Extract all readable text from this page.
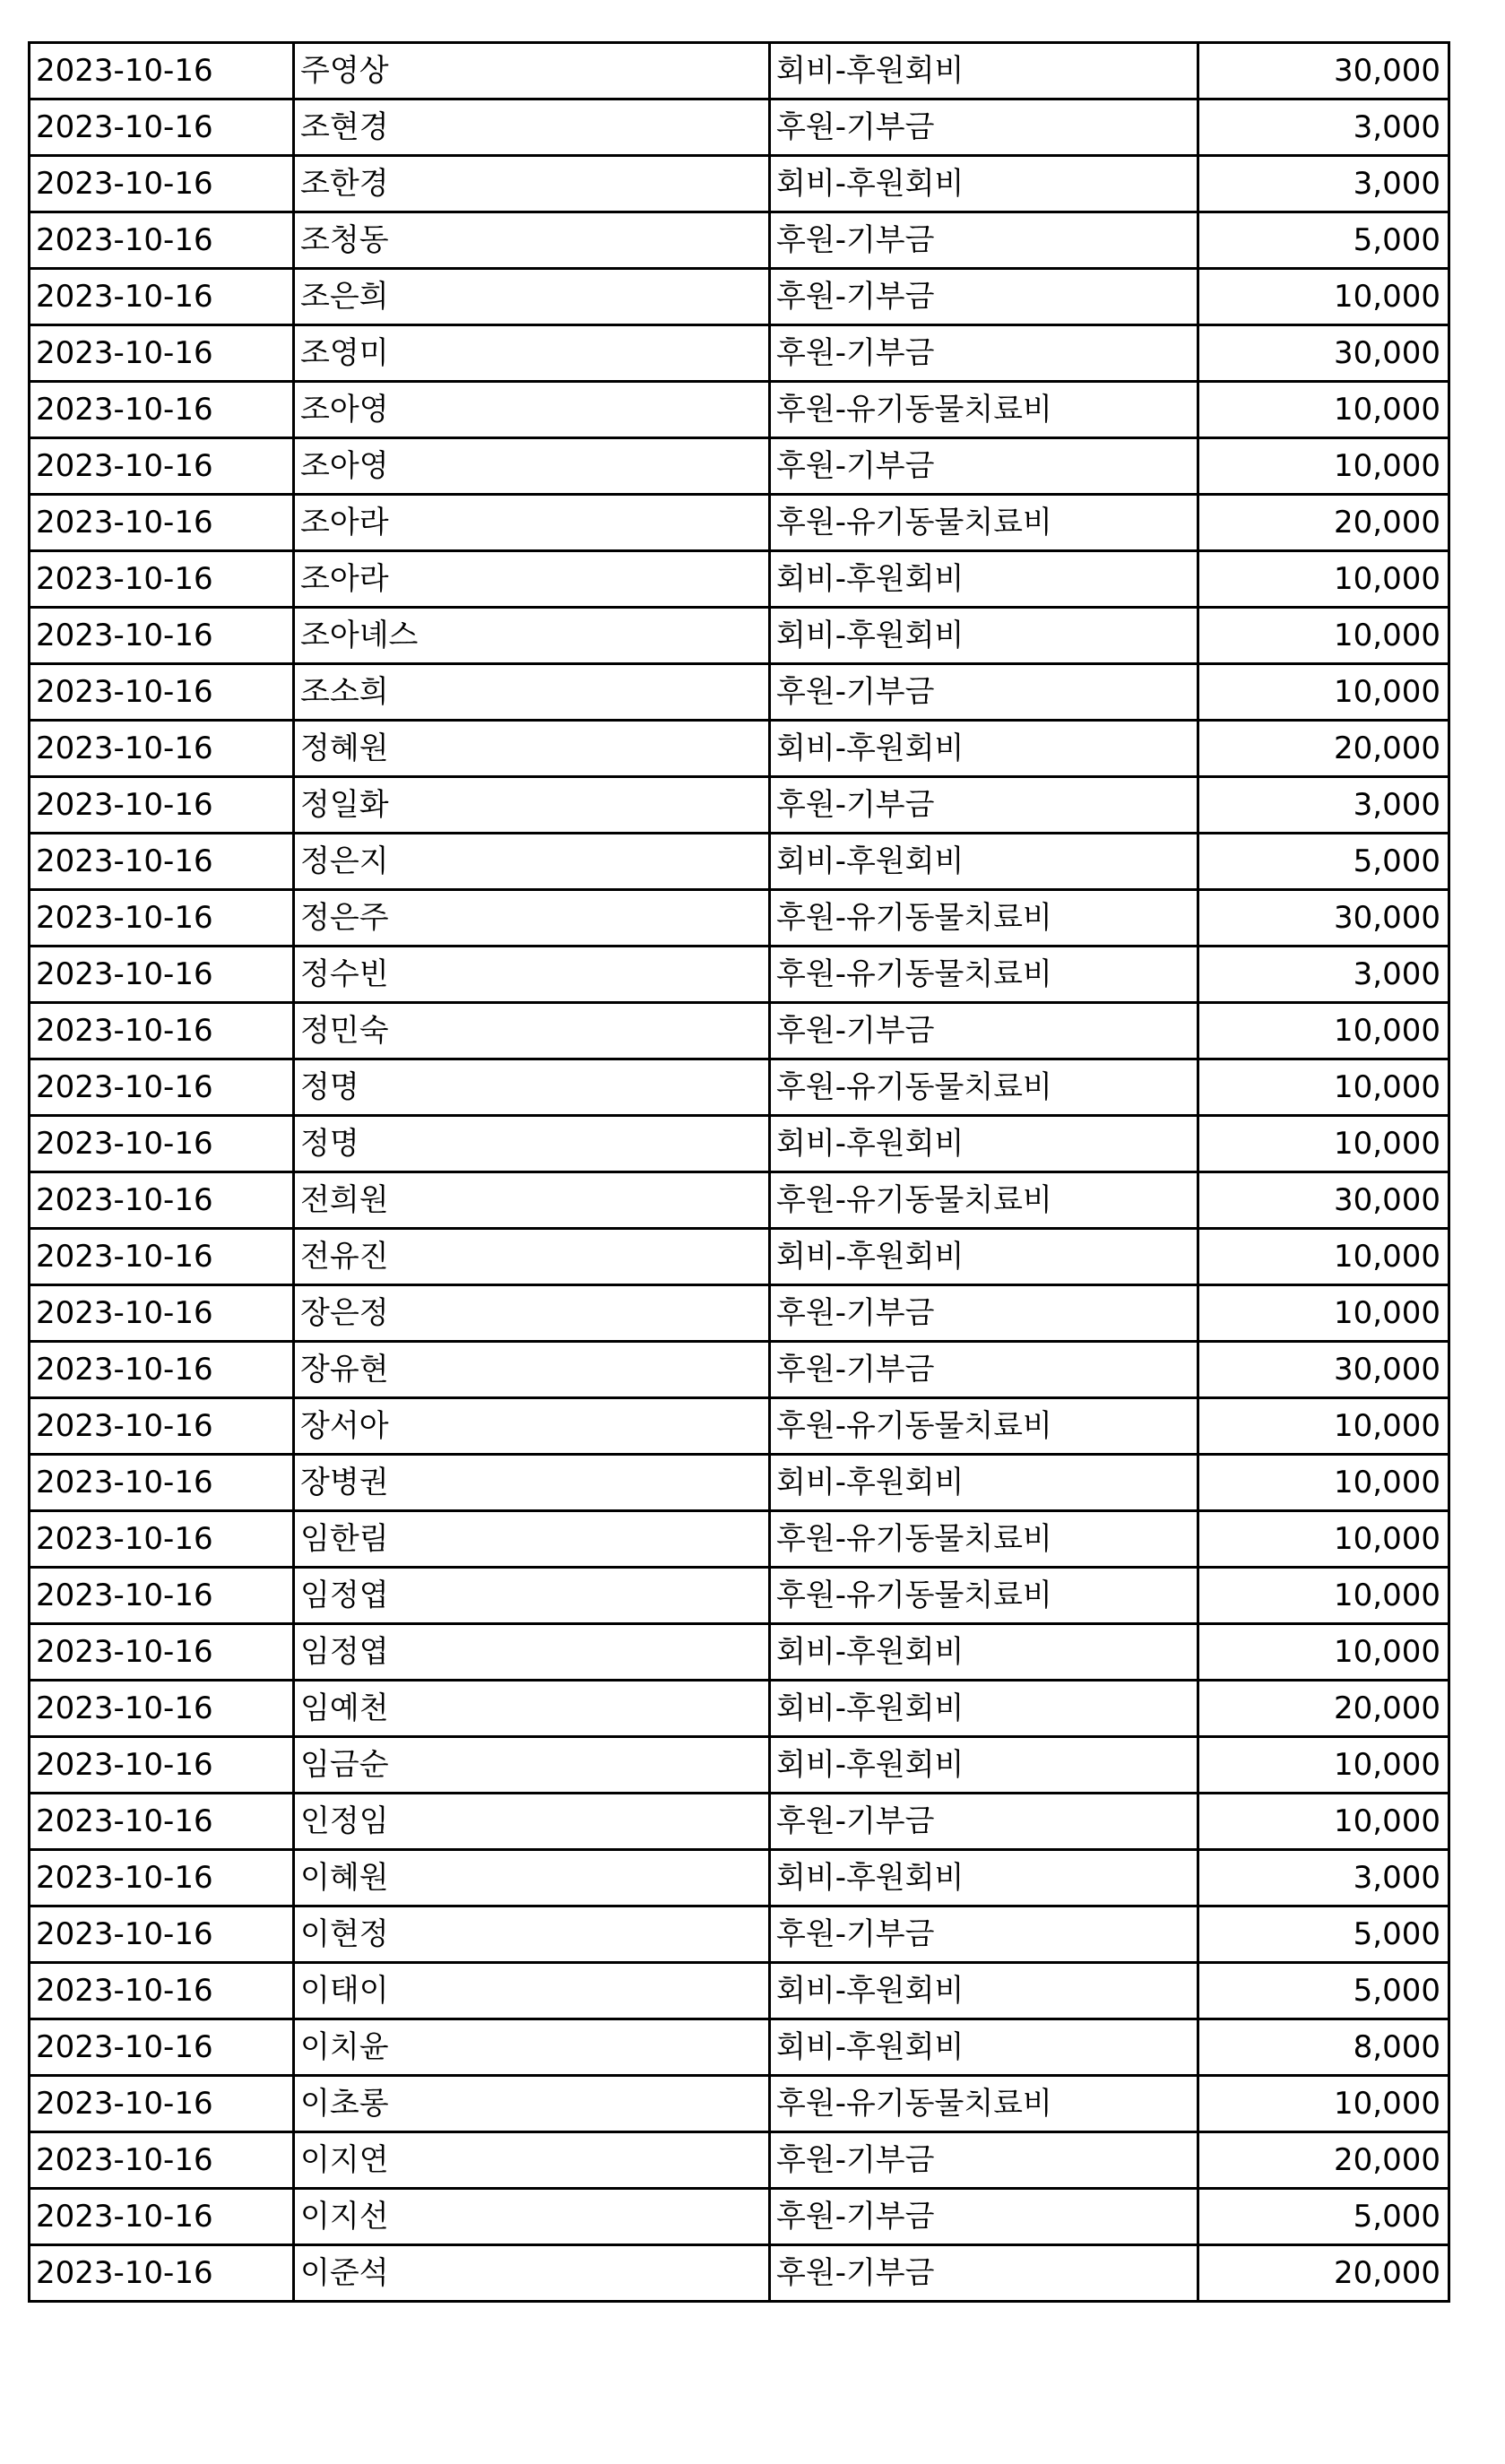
2023-10-16	주영상	회비-후원회비	30,000
2023-10-16	조현경	후원-기부금	3,000
2023-10-16	조한경	회비-후원회비	3,000
2023-10-16	조청동	후원-기부금	5,000
2023-10-16	조은희	후원-기부금	10,000
2023-10-16	조영미	후원-기부금	30,000
2023-10-16	조아영	후원-유기동물치료비	10,000
2023-10-16	조아영	후원-기부금	10,000
2023-10-16	조아라	후원-유기동물치료비	20,000
2023-10-16	조아라	회비-후원회비	10,000
2023-10-16	조아녜스	회비-후원회비	10,000
2023-10-16	조소희	후원-기부금	10,000
2023-10-16	정혜원	회비-후원회비	20,000
2023-10-16	정일화	후원-기부금	3,000
2023-10-16	정은지	회비-후원회비	5,000
2023-10-16	정은주	후원-유기동물치료비	30,000
2023-10-16	정수빈	후원-유기동물치료비	3,000
2023-10-16	정민숙	후원-기부금	10,000
2023-10-16	정명	후원-유기동물치료비	10,000
2023-10-16	정명	회비-후원회비	10,000
2023-10-16	전희원	후원-유기동물치료비	30,000
2023-10-16	전유진	회비-후원회비	10,000
2023-10-16	장은정	후원-기부금	10,000
2023-10-16	장유현	후원-기부금	30,000
2023-10-16	장서아	후원-유기동물치료비	10,000
2023-10-16	장병권	회비-후원회비	10,000
2023-10-16	임한림	후원-유기동물치료비	10,000
2023-10-16	임정엽	후원-유기동물치료비	10,000
2023-10-16	임정엽	회비-후원회비	10,000
2023-10-16	임예천	회비-후원회비	20,000
2023-10-16	임금순	회비-후원회비	10,000
2023-10-16	인정임	후원-기부금	10,000
2023-10-16	이혜원	회비-후원회비	3,000
2023-10-16	이현정	후원-기부금	5,000
2023-10-16	이태이	회비-후원회비	5,000
2023-10-16	이치윤	회비-후원회비	8,000
2023-10-16	이초롱	후원-유기동물치료비	10,000
2023-10-16	이지연	후원-기부금	20,000
2023-10-16	이지선	후원-기부금	5,000
2023-10-16	이준석	후원-기부금	20,000
